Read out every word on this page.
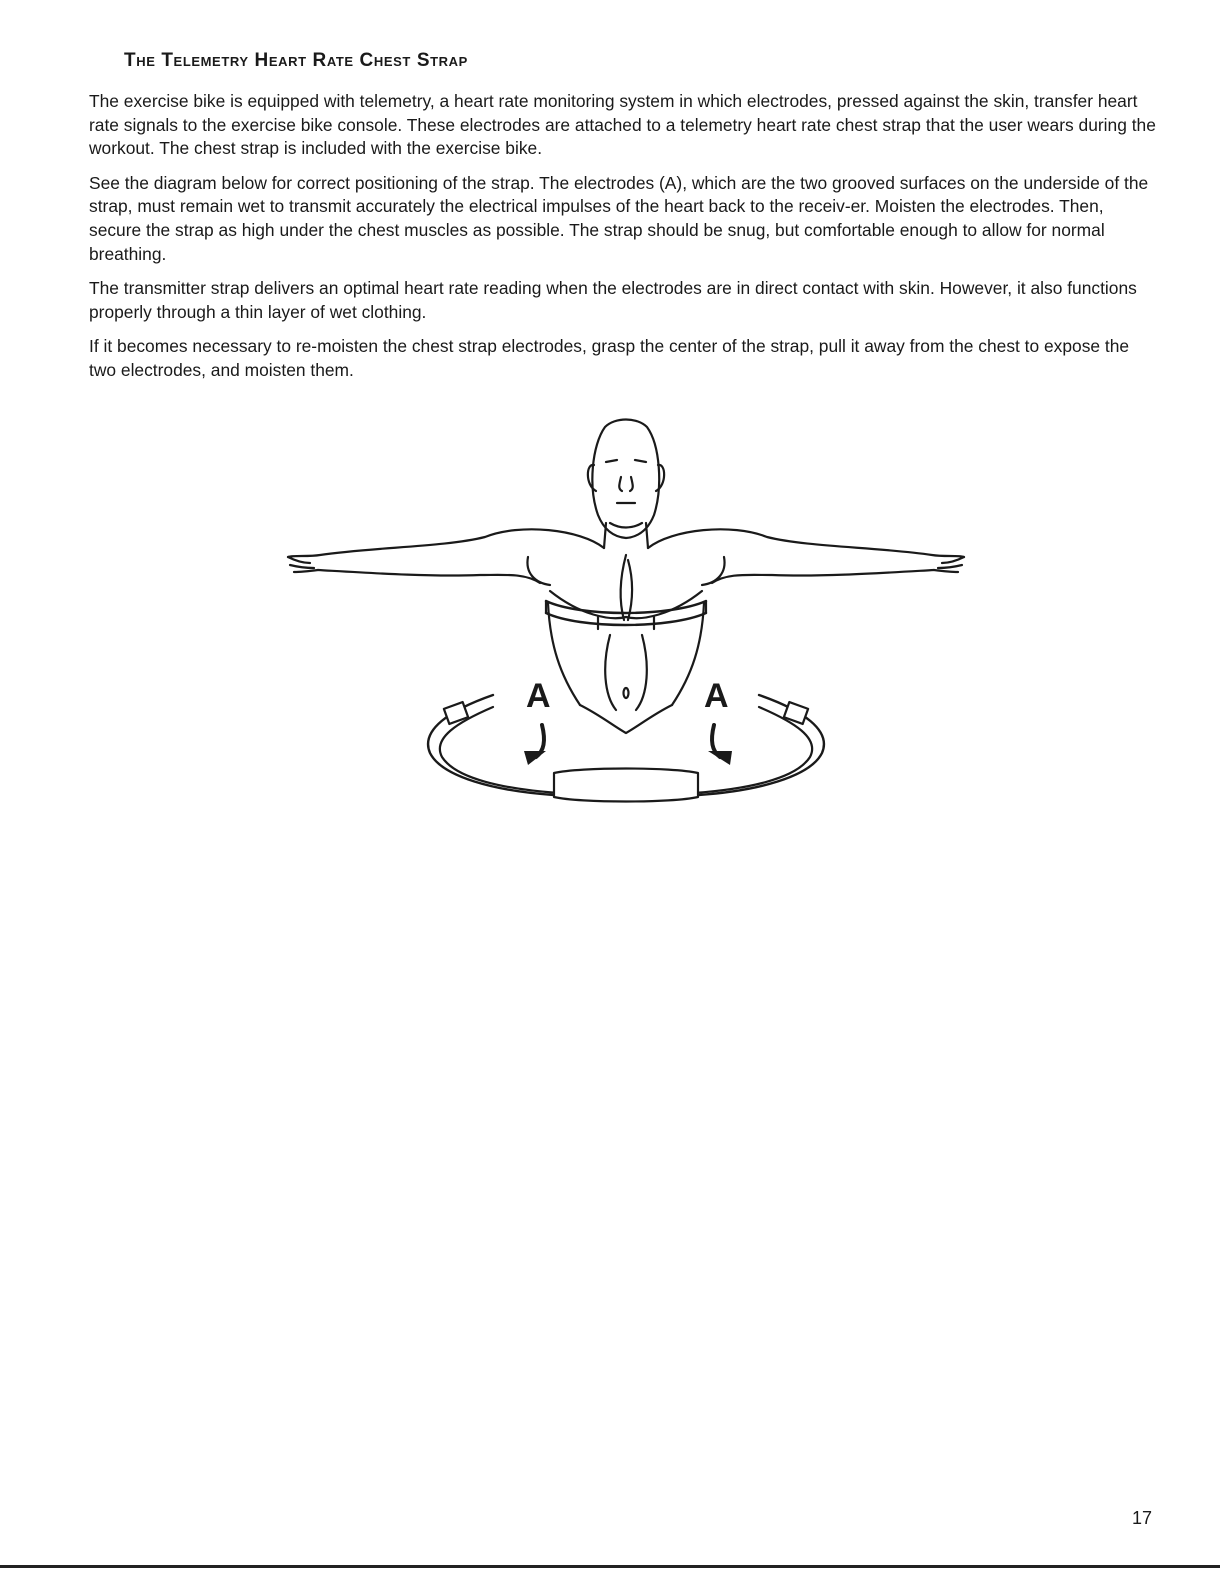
The Telemetry Heart Rate Chest Strap

The exercise bike is equipped with telemetry, a heart rate monitoring system in which electrodes, pressed against the skin, transfer heart rate signals to the exercise bike console. These electrodes are attached to a telemetry heart rate chest strap that the user wears during the workout. The chest strap is included with the exercise bike.

See the diagram below for correct positioning of the strap. The electrodes (A), which are the two grooved surfaces on the underside of the strap, must remain wet to transmit accurately the electrical impulses of the heart back to the receiv-er. Moisten the electrodes. Then, secure the strap as high under the chest muscles as possible. The strap should be snug, but comfortable enough to allow for normal breathing.

The transmitter strap delivers an optimal heart rate reading when the electrodes are in direct contact with skin. However, it also functions properly through a thin layer of wet clothing.

If it becomes necessary to re-moisten the chest strap electrodes, grasp the center of the strap, pull it away from the chest to expose the two electrodes, and moisten them.

A	A
17
